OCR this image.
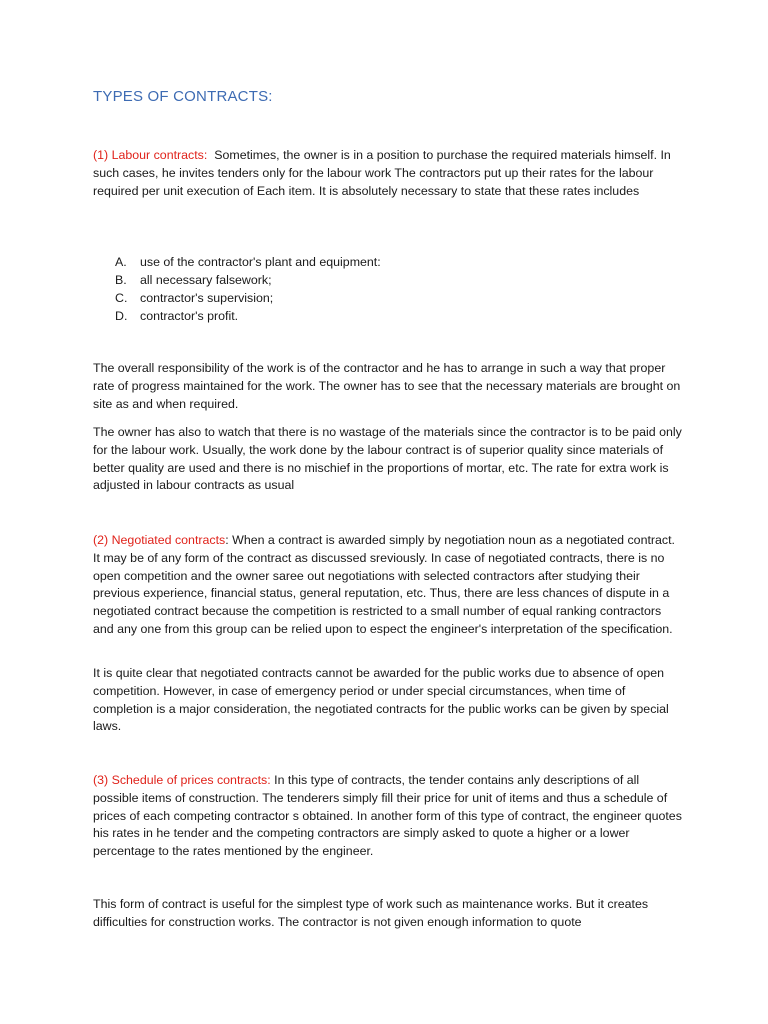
TYPES OF CONTRACTS:

(1) Labour contracts:  Sometimes, the owner is in a position to purchase the required materials himself. In such cases, he invites tenders only for the labour work The contractors put up their rates for the labour required per unit execution of Each item. It is absolutely necessary to state that these rates includes

A.	use of the contractor's plant and equipment:
B.	all necessary falsework;
C.	contractor's supervision;
D.	contractor's profit.

The overall responsibility of the work is of the contractor and he has to arrange in such a way that proper rate of progress maintained for the work. The owner has to see that the necessary materials are brought on site as and when required.

The owner has also to watch that there is no wastage of the materials since the contractor is to be paid only for the labour work. Usually, the work done by the labour contract is of superior quality since materials of better quality are used and there is no mischief in the proportions of mortar, etc. The rate for extra work is adjusted in labour contracts as usual

(2) Negotiated contracts: When a contract is awarded simply by negotiation noun as a negotiated contract. It may be of any form of the contract as discussed sreviously. In case of negotiated contracts, there is no open competition and the owner saree out negotiations with selected contractors after studying their previous experience, financial status, general reputation, etc. Thus, there are less chances of dispute in a negotiated contract because the competition is restricted to a small number of equal ranking contractors and any one from this group can be relied upon to espect the engineer's interpretation of the specification.

It is quite clear that negotiated contracts cannot be awarded for the public works due to absence of open competition. However, in case of emergency period or under special circumstances, when time of completion is a major consideration, the negotiated contracts for the public works can be given by special laws.

(3) Schedule of prices contracts: In this type of contracts, the tender contains anly descriptions of all possible items of construction. The tenderers simply fill their price for unit of items and thus a schedule of prices of each competing contractor s obtained. In another form of this type of contract, the engineer quotes his rates in he tender and the competing contractors are simply asked to quote a higher or a lower percentage to the rates mentioned by the engineer.

This form of contract is useful for the simplest type of work such as maintenance works. But it creates difficulties for construction works. The contractor is not given enough information to quote
